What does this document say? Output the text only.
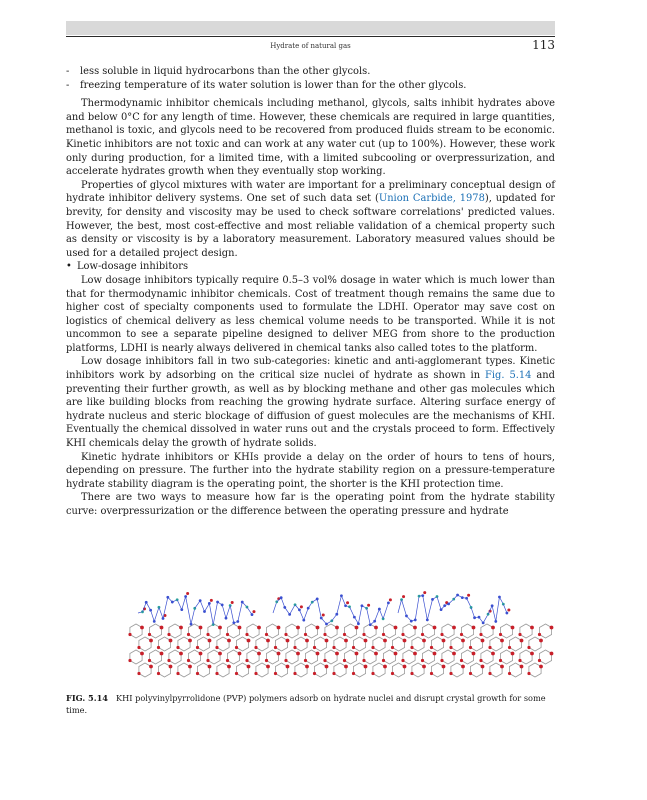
Hydrate of natural gas	113
-	less soluble in liquid hydrocarbons than the other glycols.
-	freezing temperature of its water solution is lower than for the other glycols.

Thermodynamic inhibitor chemicals including methanol, glycols, salts inhibit hydrates above and below 0°C for any length of time. However, these chemicals are required in large quantities, methanol is toxic, and glycols need to be recovered from produced fluids stream to be economic. Kinetic inhibitors are not toxic and can work at any water cut (up to 100%). However, these work only during production, for a limited time, with a limited subcooling or overpressurization, and accelerate hydrates growth when they eventually stop working.

Properties of glycol mixtures with water are important for a preliminary conceptual design of hydrate inhibitor delivery systems. One set of such data set (Union Carbide, 1978), updated for brevity, for density and viscosity may be used to check software correlations' predicted values. However, the best, most cost-effective and most reliable validation of a chemical property such as density or viscosity is by a laboratory measurement. Laboratory measured values should be used for a detailed project design.

• Low-dosage inhibitors

Low dosage inhibitors typically require 0.5–3 vol% dosage in water which is much lower than that for thermodynamic inhibitor chemicals. Cost of treatment though remains the same due to higher cost of specialty components used to formulate the LDHI. Operator may save cost on logistics of chemical delivery as less chemical volume needs to be transported. While it is not uncommon to see a separate pipeline designed to deliver MEG from shore to the production platforms, LDHI is nearly always delivered in chemical tanks also called totes to the platform.

Low dosage inhibitors fall in two sub-categories: kinetic and anti-agglomerant types. Kinetic inhibitors work by adsorbing on the critical size nuclei of hydrate as shown in Fig. 5.14 and preventing their further growth, as well as by blocking methane and other gas molecules which are like building blocks from reaching the growing hydrate surface. Altering surface energy of hydrate nucleus and steric blockage of diffusion of guest molecules are the mechanisms of KHI. Eventually the chemical dissolved in water runs out and the crystals proceed to form. Effectively KHI chemicals delay the growth of hydrate solids.

Kinetic hydrate inhibitors or KHIs provide a delay on the order of hours to tens of hours, depending on pressure. The further into the hydrate stability region on a pressure-temperature hydrate stability diagram is the operating point, the shorter is the KHI protection time.

There are two ways to measure how far is the operating point from the hydrate stability curve: overpressurization or the difference between the operating pressure and hydrate

FIG. 5.14 KHI polyvinylpyrrolidone (PVP) polymers adsorb on hydrate nuclei and disrupt crystal growth for some time.
